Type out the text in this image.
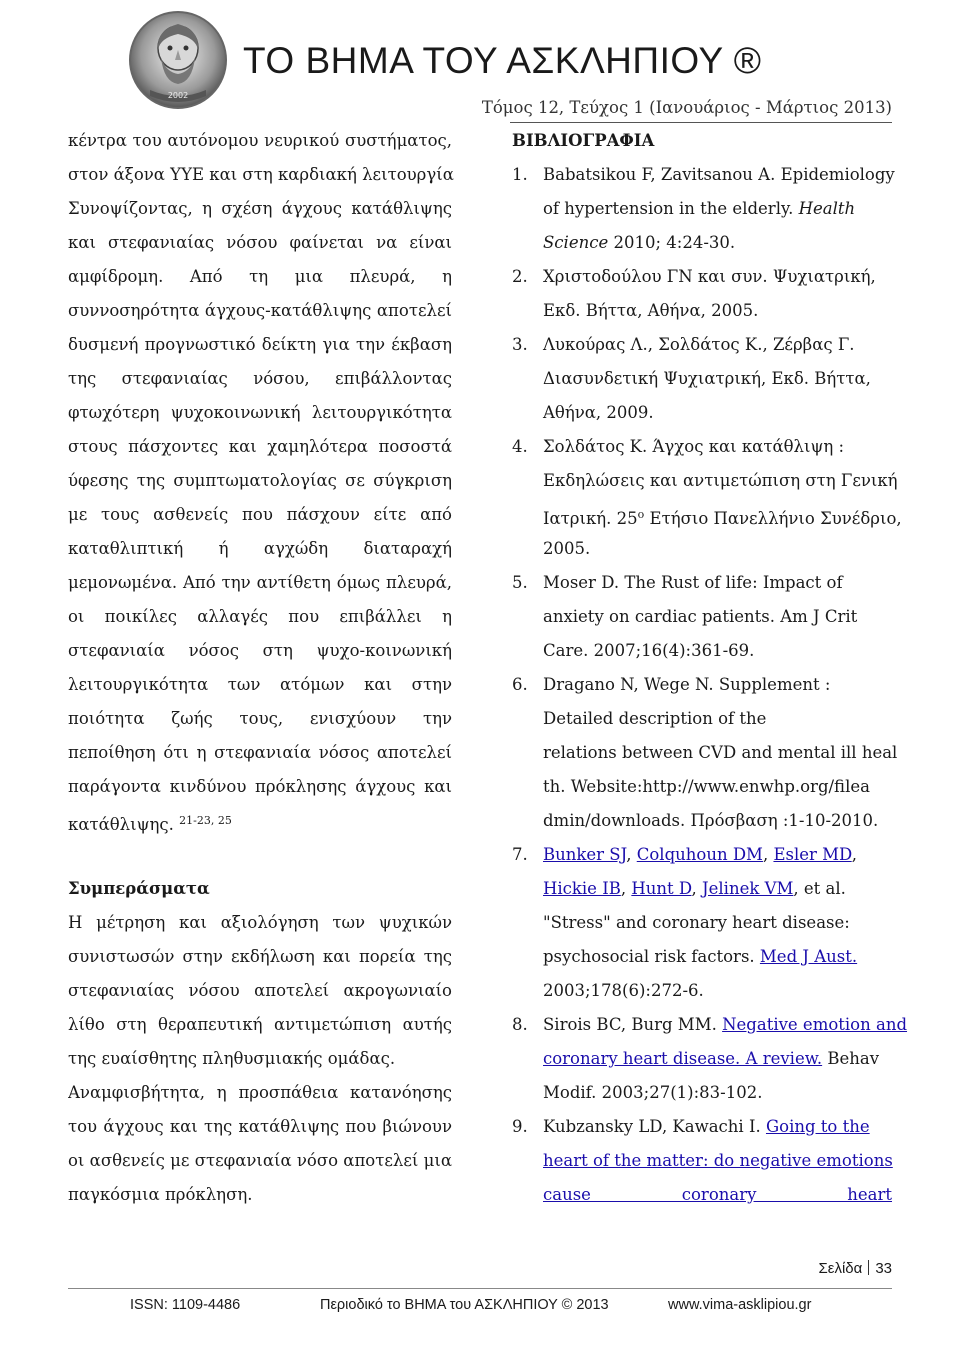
2002
ΤΟ ΒΗΜΑ ΤΟΥ ΑΣΚΛΗΠΙΟΥ ®
Τόμος 12, Τεύχος 1 (Ιανουάριος - Μάρτιος 2013)
κέντρα του αυτόνομου νευρικού συστήματος,
στον άξονα ΥΥΕ και στη καρδιακή λειτουργία
Συνοψίζοντας, η σχέση άγχους κατάθλιψης
και στεφανιαίας νόσου φαίνεται να είναι
αμφίδρομη. Από τη μια πλευρά, η
συννοσηρότητα άγχους-κατάθλιψης αποτελεί
δυσμενή προγνωστικό δείκτη για την έκβαση
της στεφανιαίας νόσου, επιβάλλοντας
φτωχότερη ψυχοκοινωνική λειτουργικότητα
στους πάσχοντες και χαμηλότερα ποσοστά
ύφεσης της συμπτωματολογίας σε σύγκριση
με τους ασθενείς που πάσχουν είτε από
καταθλιπτική ή αγχώδη διαταραχή
μεμονωμένα. Από την αντίθετη όμως πλευρά,
οι ποικίλες αλλαγές που επιβάλλει η
στεφανιαία νόσος στη ψυχο-κοινωνική
λειτουργικότητα των ατόμων και στην
ποιότητα ζωής τους, ενισχύουν την
πεποίθηση ότι η στεφανιαία νόσος αποτελεί
παράγοντα κινδύνου πρόκλησης άγχους και
κατάθλιψης. $^{21-23, 25}$
Συμπεράσματα
Η μέτρηση και αξιολόγηση των ψυχικών
συνιστωσών στην εκδήλωση και πορεία της
στεφανιαίας νόσου αποτελεί ακρογωνιαίο
λίθο στη θεραπευτική αντιμετώπιση αυτής
της ευαίσθητης πληθυσμιακής ομάδας.
Αναμφισβήτητα, η προσπάθεια κατανόησης
του άγχους και της κατάθλιψης που βιώνουν
οι ασθενείς με στεφανιαία νόσο αποτελεί μια
παγκόσμια πρόκληση.
ΒΙΒΛΙΟΓΡΑΦΙΑ
1. Babatsikou F, Zavitsanou A. Epidemiology
of hypertension in the elderly. Health
Science 2010; 4:24-30.
2. Χριστοδούλου ΓΝ και συν. Ψυχιατρική,
Εκδ. Βήττα, Αθήνα, 2005.
3. Λυκούρας Λ., Σολδάτος Κ., Ζέρβας Γ.
Διασυνδετική Ψυχιατρική, Εκδ. Βήττα,
Αθήνα, 2009.
4. Σολδάτος Κ. Άγχος και κατάθλιψη :
Εκδηλώσεις και αντιμετώπιση στη Γενική
Ιατρική. $25^o$ Ετήσιο Πανελλήνιο Συνέδριο,
2005.
5. Moser D. The Rust of life: Impact of
anxiety on cardiac patients. Am J Crit
Care. 2007;16(4):361-69.
6. Dragano N, Wege N. Supplement :
Detailed description of the
relations between CVD and mental ill heal
th. Website:http://www.enwhp.org/filea
dmin/downloads. Πρόσβαση :1-10-2010.
7. Bunker SJ, Colquhoun DM, Esler MD,
Hickie IB, Hunt D, Jelinek VM, et al.
"Stress" and coronary heart disease:
psychosocial risk factors. Med J Aust.
2003;178(6):272-6.
8. Sirois BC, Burg MM. Negative emotion and
coronary heart disease. A review. Behav
Modif. 2003;27(1):83-102.
9. Kubzansky LD, Kawachi I. Going to the
heart of the matter: do negative emotions
cause coronary heart
Σελίδα 33
ISSN: 1109-4486	Περιοδικό το ΒΗΜΑ του ΑΣΚΛΗΠΙΟΥ © 2013	www.vima-asklipiou.gr
